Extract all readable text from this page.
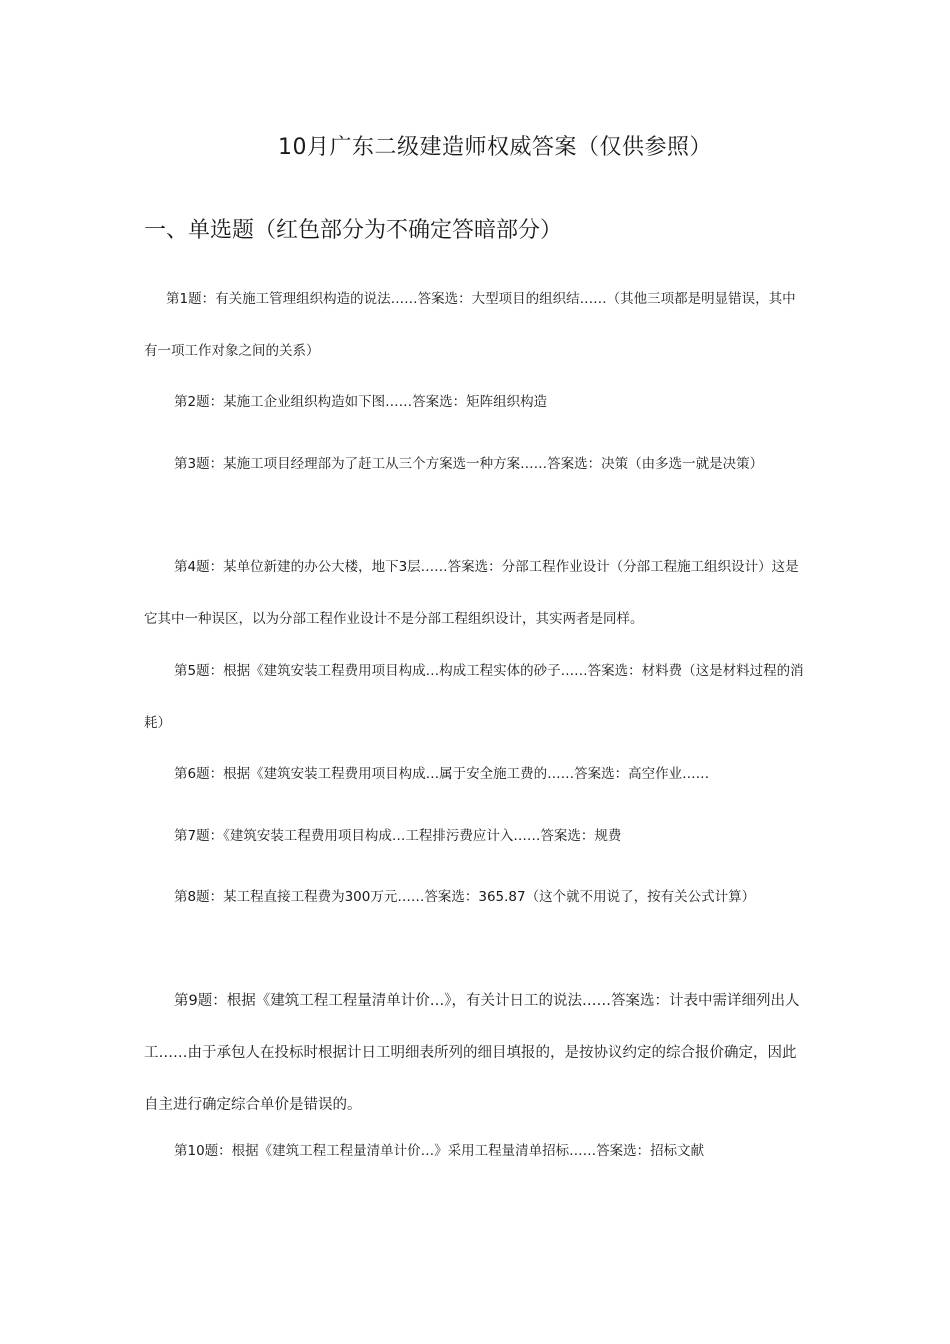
10月广东二级建造师权威答案（仅供参照）
一、单选题（红色部分为不确定答暗部分）

第1题：有关施工管理组织构造的说法……答案选：大型项目的组织结……（其他三项都是明显错误，其中有一项工作对象之间的关系）

第2题：某施工企业组织构造如下图……答案选：矩阵组织构造

第3题：某施工项目经理部为了赶工从三个方案选一种方案……答案选：决策（由多选一就是决策）

第4题：某单位新建的办公大楼，地下3层……答案选：分部工程作业设计（分部工程施工组织设计）这是它其中一种误区，以为分部工程作业设计不是分部工程组织设计，其实两者是同样。

第5题：根据《建筑安装工程费用项目构成…构成工程实体的砂子……答案选：材料费（这是材料过程的消耗）

第6题：根据《建筑安装工程费用项目构成…属于安全施工费的……答案选：高空作业……

第7题：《建筑安装工程费用项目构成…工程排污费应计入……答案选：规费

第8题：某工程直接工程费为300万元……答案选：365.87（这个就不用说了，按有关公式计算）

第9题：根据《建筑工程工程量清单计价…》，有关计日工的说法……答案选：计表中需详细列出人工……由于承包人在投标时根据计日工明细表所列的细目填报的，是按协议约定的综合报价确定，因此自主进行确定综合单价是错误的。

第10题：根据《建筑工程工程量清单计价…》采用工程量清单招标……答案选：招标文献
